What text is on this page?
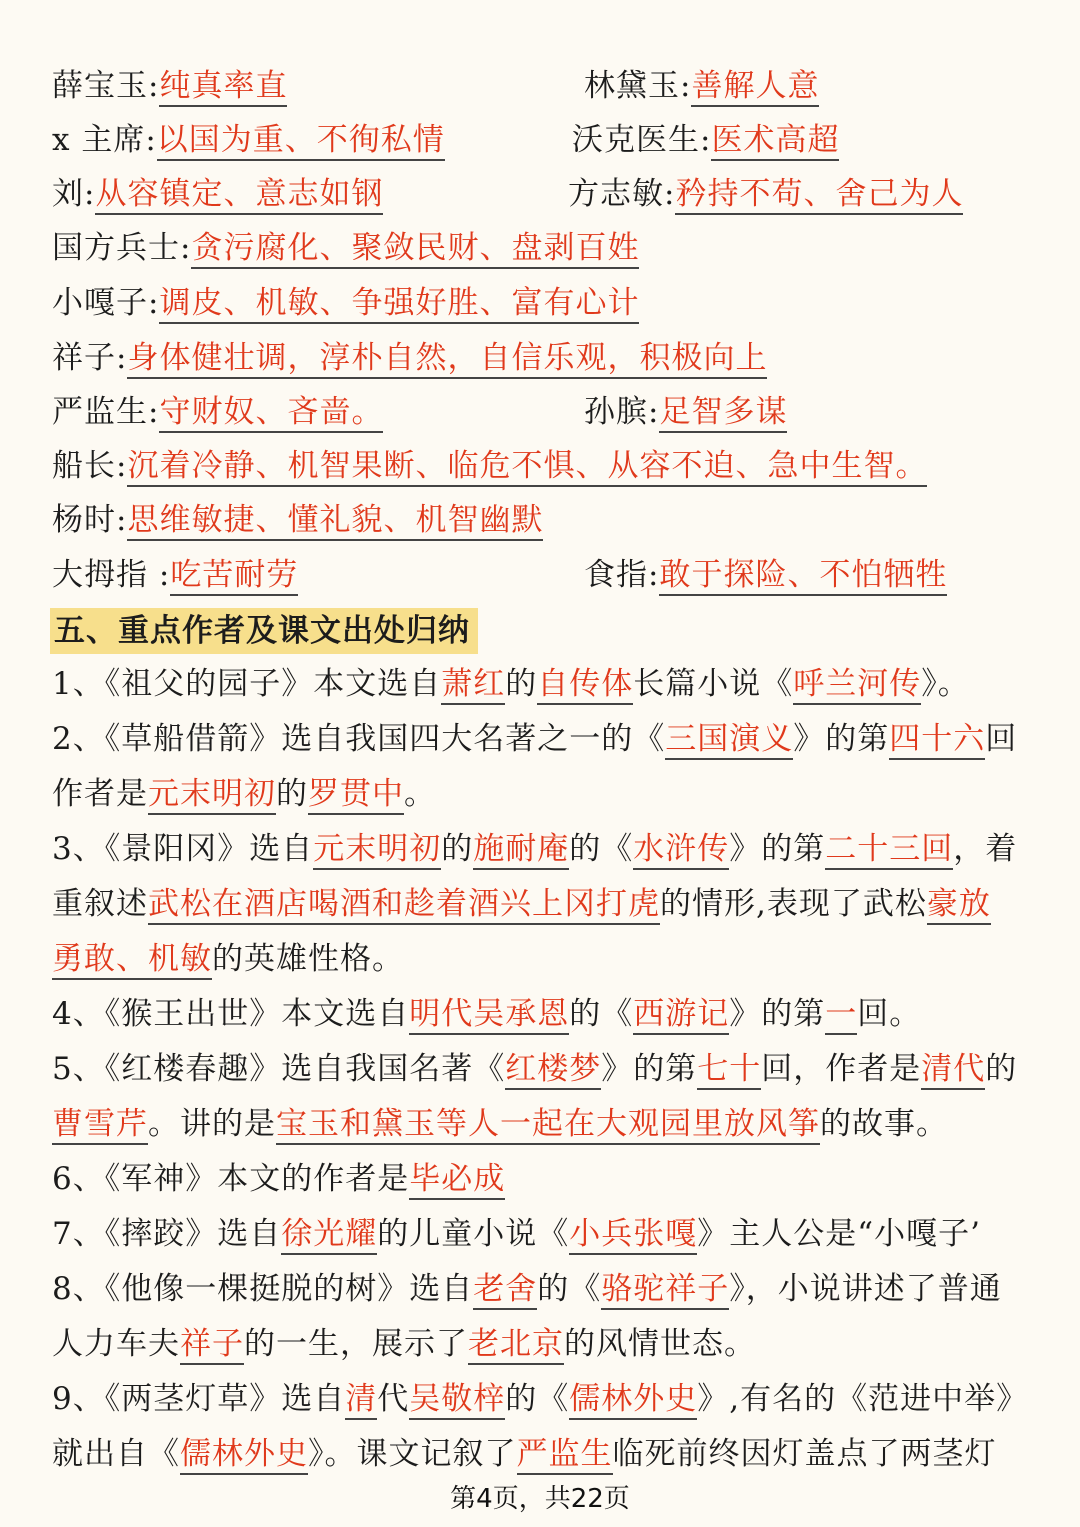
薛宝玉:纯真率直	林黛玉:善解人意
x 主席:以国为重、不徇私情	沃克医生:医术高超
刘:从容镇定、意志如钢	方志敏:矜持不苟、舍己为人
国方兵士:贪污腐化、聚敛民财、盘剥百姓
小嘎子:调皮、机敏、争强好胜、富有心计
祥子:身体健壮调，淳朴自然，自信乐观，积极向上
严监生:守财奴、吝啬。	孙膑:足智多谋
船长:沉着冷静、机智果断、临危不惧、从容不迫、急中生智。
杨时:思维敏捷、懂礼貌、机智幽默
大拇指 :吃苦耐劳	食指:敢于探险、不怕牺牲
五、重点作者及课文出处归纳
1、《祖父的园子》本文选自萧红的自传体长篇小说《呼兰河传》。
2、《草船借箭》选自我国四大名著之一的《三国演义》的第四十六回
作者是元末明初的罗贯中。
3、《景阳冈》选自元末明初的施耐庵的《水浒传》的第二十三回，着
重叙述武松在酒店喝酒和趁着酒兴上冈打虎的情形,表现了武松豪放
勇敢、机敏的英雄性格。
4、《猴王出世》本文选自明代吴承恩的《西游记》的第一回。
5、《红楼春趣》选自我国名著《红楼梦》的第七十回，作者是清代的
曹雪芹。讲的是宝玉和黛玉等人一起在大观园里放风筝的故事。
6、《军神》本文的作者是毕必成
7、《摔跤》选自徐光耀的儿童小说《小兵张嘎》主人公是“小嘎子’
8、《他像一棵挺脱的树》选自老舍的《骆驼祥子》，小说讲述了普通
人力车夫祥子的一生，展示了老北京的风情世态。
9、《两茎灯草》选自清代吴敬梓的《儒林外史》,有名的《范进中举》
就出自《儒林外史》。课文记叙了严监生临死前终因灯盖点了两茎灯
第4页，共22页
